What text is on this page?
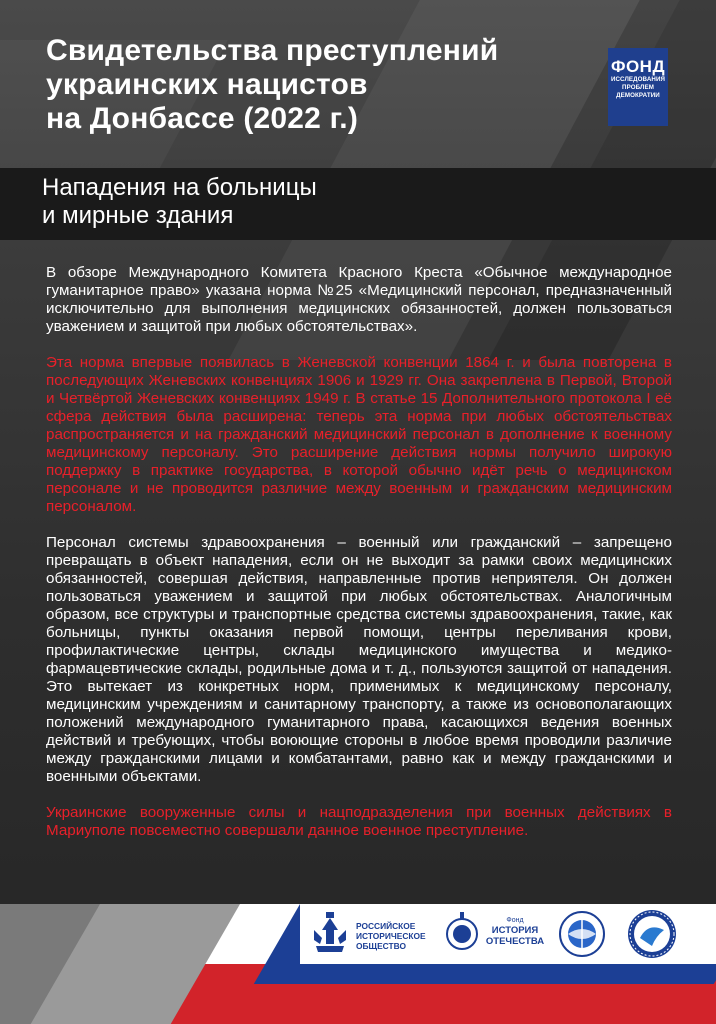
Свидетельства преступлений
украинских нацистов
на Донбассе (2022 г.)
ФОНД
ИССЛЕДОВАНИЯ
ПРОБЛЕМ
ДЕМОКРАТИИ
Нападения на больницы
и мирные здания

В обзоре Международного Комитета Красного Креста «Обычное международное гуманитарное право» указана норма №25 «Медицинский персонал, предназначенный исключительно для выполнения медицинских обязанностей, должен пользоваться уважением и защитой при любых обстоятельствах».

Эта норма впервые появилась в Женевской конвенции 1864 г. и была повторена в последующих Женевских конвенциях 1906 и 1929 гг. Она закреплена в Первой, Второй и Четвёртой Женевских конвенциях 1949 г. В статье 15 Дополнительного протокола I её сфера действия была расширена: теперь эта норма при любых обстоятельствах распространяется и на гражданский медицинский персонал в дополнение к военному медицинскому персоналу. Это расширение действия нормы получило широкую поддержку в практике государства, в которой обычно идёт речь о медицинском персонале и не проводится различие между военным и гражданским медицинским персоналом.

Персонал системы здравоохранения – военный или гражданский – запрещено превращать в объект нападения, если он не выходит за рамки своих медицинских обязанностей, совершая действия, направленные против неприятеля. Он должен пользоваться уважением и защитой при любых обстоятельствах. Аналогичным образом, все структуры и транспортные средства системы здравоохранения, такие, как больницы, пункты оказания первой помощи, центры переливания крови, профилактические центры, склады медицинского имущества и медико-фармацевтические склады, родильные дома и т. д., пользуются защитой от нападения. Это вытекает из конкретных норм, применимых к медицинскому персоналу, медицинским учреждениям и санитарному транспорту, а также из основополагающих положений международного гуманитарного права, касающихся ведения военных действий и требующих, чтобы воюющие стороны в любое время проводили различие между гражданскими лицами и комбатантами, равно как и между гражданскими и военными объектами.

Украинские вооруженные силы и нацподразделения при военных действиях в Мариуполе повсеместно совершали данное военное преступление.

РОССИЙСКОЕ
ИСТОРИЧЕСКОЕ
ОБЩЕСТВО
Фонд
ИСТОРИЯ
ОТЕЧЕСТВА
